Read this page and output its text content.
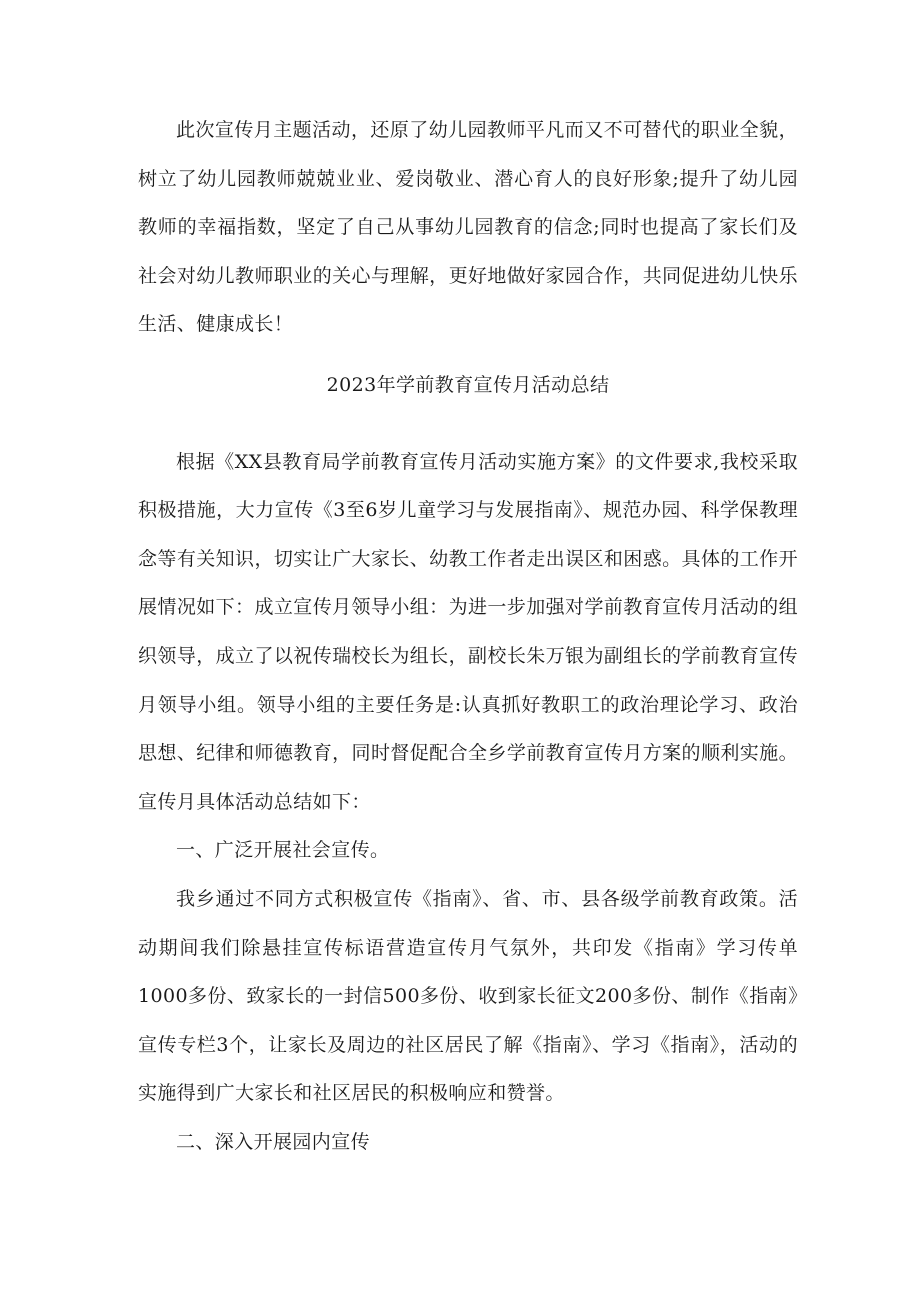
此次宣传月主题活动，还原了幼儿园教师平凡而又不可替代的职业全貌，树立了幼儿园教师兢兢业业、爱岗敬业、潜心育人的良好形象;提升了幼儿园教师的幸福指数，坚定了自己从事幼儿园教育的信念;同时也提高了家长们及社会对幼儿教师职业的关心与理解，更好地做好家园合作，共同促进幼儿快乐生活、健康成长！

2023年学前教育宣传月活动总结

根据《XX县教育局学前教育宣传月活动实施方案》的文件要求,我校采取积极措施，大力宣传《3至6岁儿童学习与发展指南》、规范办园、科学保教理念等有关知识，切实让广大家长、幼教工作者走出误区和困惑。具体的工作开展情况如下：成立宣传月领导小组：为进一步加强对学前教育宣传月活动的组织领导，成立了以祝传瑞校长为组长，副校长朱万银为副组长的学前教育宣传月领导小组。领导小组的主要任务是:认真抓好教职工的政治理论学习、政治思想、纪律和师德教育，同时督促配合全乡学前教育宣传月方案的顺利实施。宣传月具体活动总结如下：

一、广泛开展社会宣传。

我乡通过不同方式积极宣传《指南》、省、市、县各级学前教育政策。活动期间我们除悬挂宣传标语营造宣传月气氛外，共印发《指南》学习传单1000多份、致家长的一封信500多份、收到家长征文200多份、制作《指南》宣传专栏3个，让家长及周边的社区居民了解《指南》、学习《指南》，活动的实施得到广大家长和社区居民的积极响应和赞誉。

二、深入开展园内宣传
